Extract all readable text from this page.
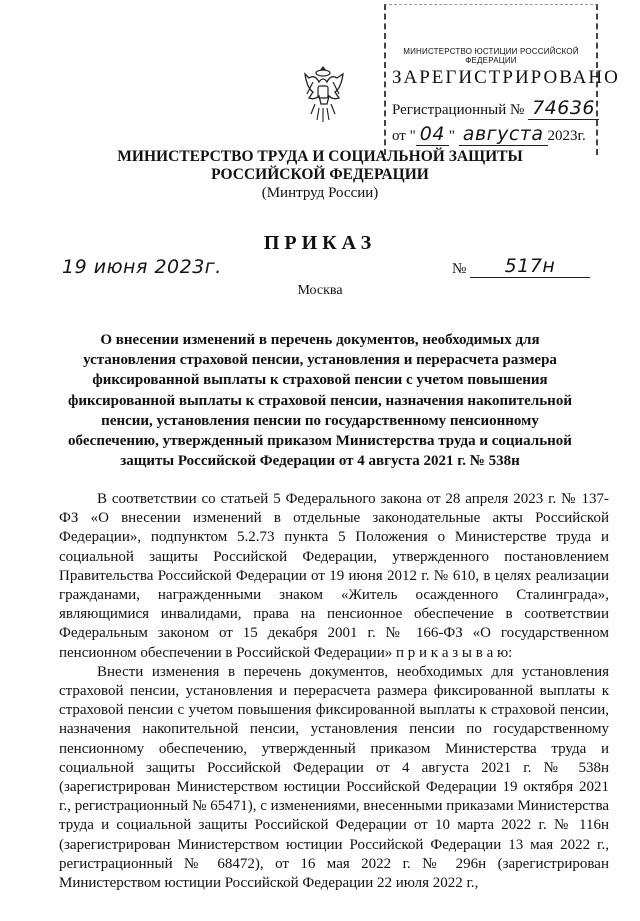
МИНИСТЕРСТВО ЮСТИЦИИ РОССИЙСКОЙ ФЕДЕРАЦИИ
ЗАРЕГИСТРИРОВАНО
Регистрационный № 74636
от " 04 " августа 2023г.
МИНИСТЕРСТВО ТРУДА И СОЦИАЛЬНОЙ ЗАЩИТЫ
РОССИЙСКОЙ ФЕДЕРАЦИИ
(Минтруд России)
ПРИКАЗ
19 июня 2023г.	№	517н
Москва
О внесении изменений в перечень документов, необходимых для установления страховой пенсии, установления и перерасчета размера фиксированной выплаты к страховой пенсии с учетом повышения фиксированной выплаты к страховой пенсии, назначения накопительной пенсии, установления пенсии по государственному пенсионному обеспечению, утвержденный приказом Министерства труда и социальной защиты Российской Федерации от 4 августа 2021 г. № 538н

В соответствии со статьей 5 Федерального закона от 28 апреля 2023 г. № 137-ФЗ «О внесении изменений в отдельные законодательные акты Российской Федерации», подпунктом 5.2.73 пункта 5 Положения о Министерстве труда и социальной защиты Российской Федерации, утвержденного постановлением Правительства Российской Федерации от 19 июня 2012 г. № 610, в целях реализации гражданами, награжденными знаком «Житель осажденного Сталинграда», являющимися инвалидами, права на пенсионное обеспечение в соответствии Федеральным законом от 15 декабря 2001 г. № 166-ФЗ «О государственном пенсионном обеспечении в Российской Федерации» п р и к а з ы в а ю:

Внести изменения в перечень документов, необходимых для установления страховой пенсии, установления и перерасчета размера фиксированной выплаты к страховой пенсии с учетом повышения фиксированной выплаты к страховой пенсии, назначения накопительной пенсии, установления пенсии по государственному пенсионному обеспечению, утвержденный приказом Министерства труда и социальной защиты Российской Федерации от 4 августа 2021 г. № 538н (зарегистрирован Министерством юстиции Российской Федерации 19 октября 2021 г., регистрационный № 65471), с изменениями, внесенными приказами Министерства труда и социальной защиты Российской Федерации от 10 марта 2022 г. № 116н (зарегистрирован Министерством юстиции Российской Федерации 13 мая 2022 г., регистрационный № 68472), от 16 мая 2022 г. № 296н (зарегистрирован Министерством юстиции Российской Федерации 22 июля 2022 г.,
